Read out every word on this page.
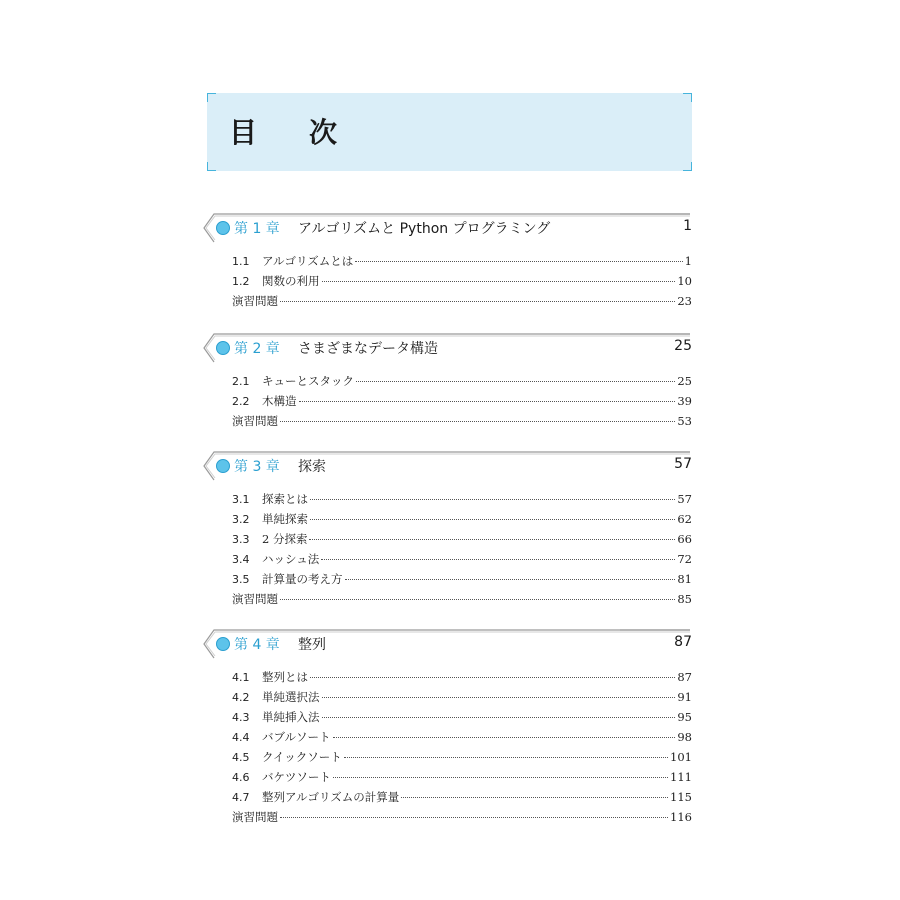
目次
第 1 章 アルゴリズムと Python プログラミング	1
1.1	アルゴリズムとは	1
1.2	関数の利用	10
演習問題	23
第 2 章 さまざまなデータ構造	25
2.1	キューとスタック	25
2.2	木構造	39
演習問題	53
第 3 章 探索	57
3.1	探索とは	57
3.2	単純探索	62
3.3	2 分探索	66
3.4	ハッシュ法	72
3.5	計算量の考え方	81
演習問題	85
第 4 章 整列	87
4.1	整列とは	87
4.2	単純選択法	91
4.3	単純挿入法	95
4.4	バブルソート	98
4.5	クイックソート	101
4.6	バケツソート	111
4.7	整列アルゴリズムの計算量	115
演習問題	116
